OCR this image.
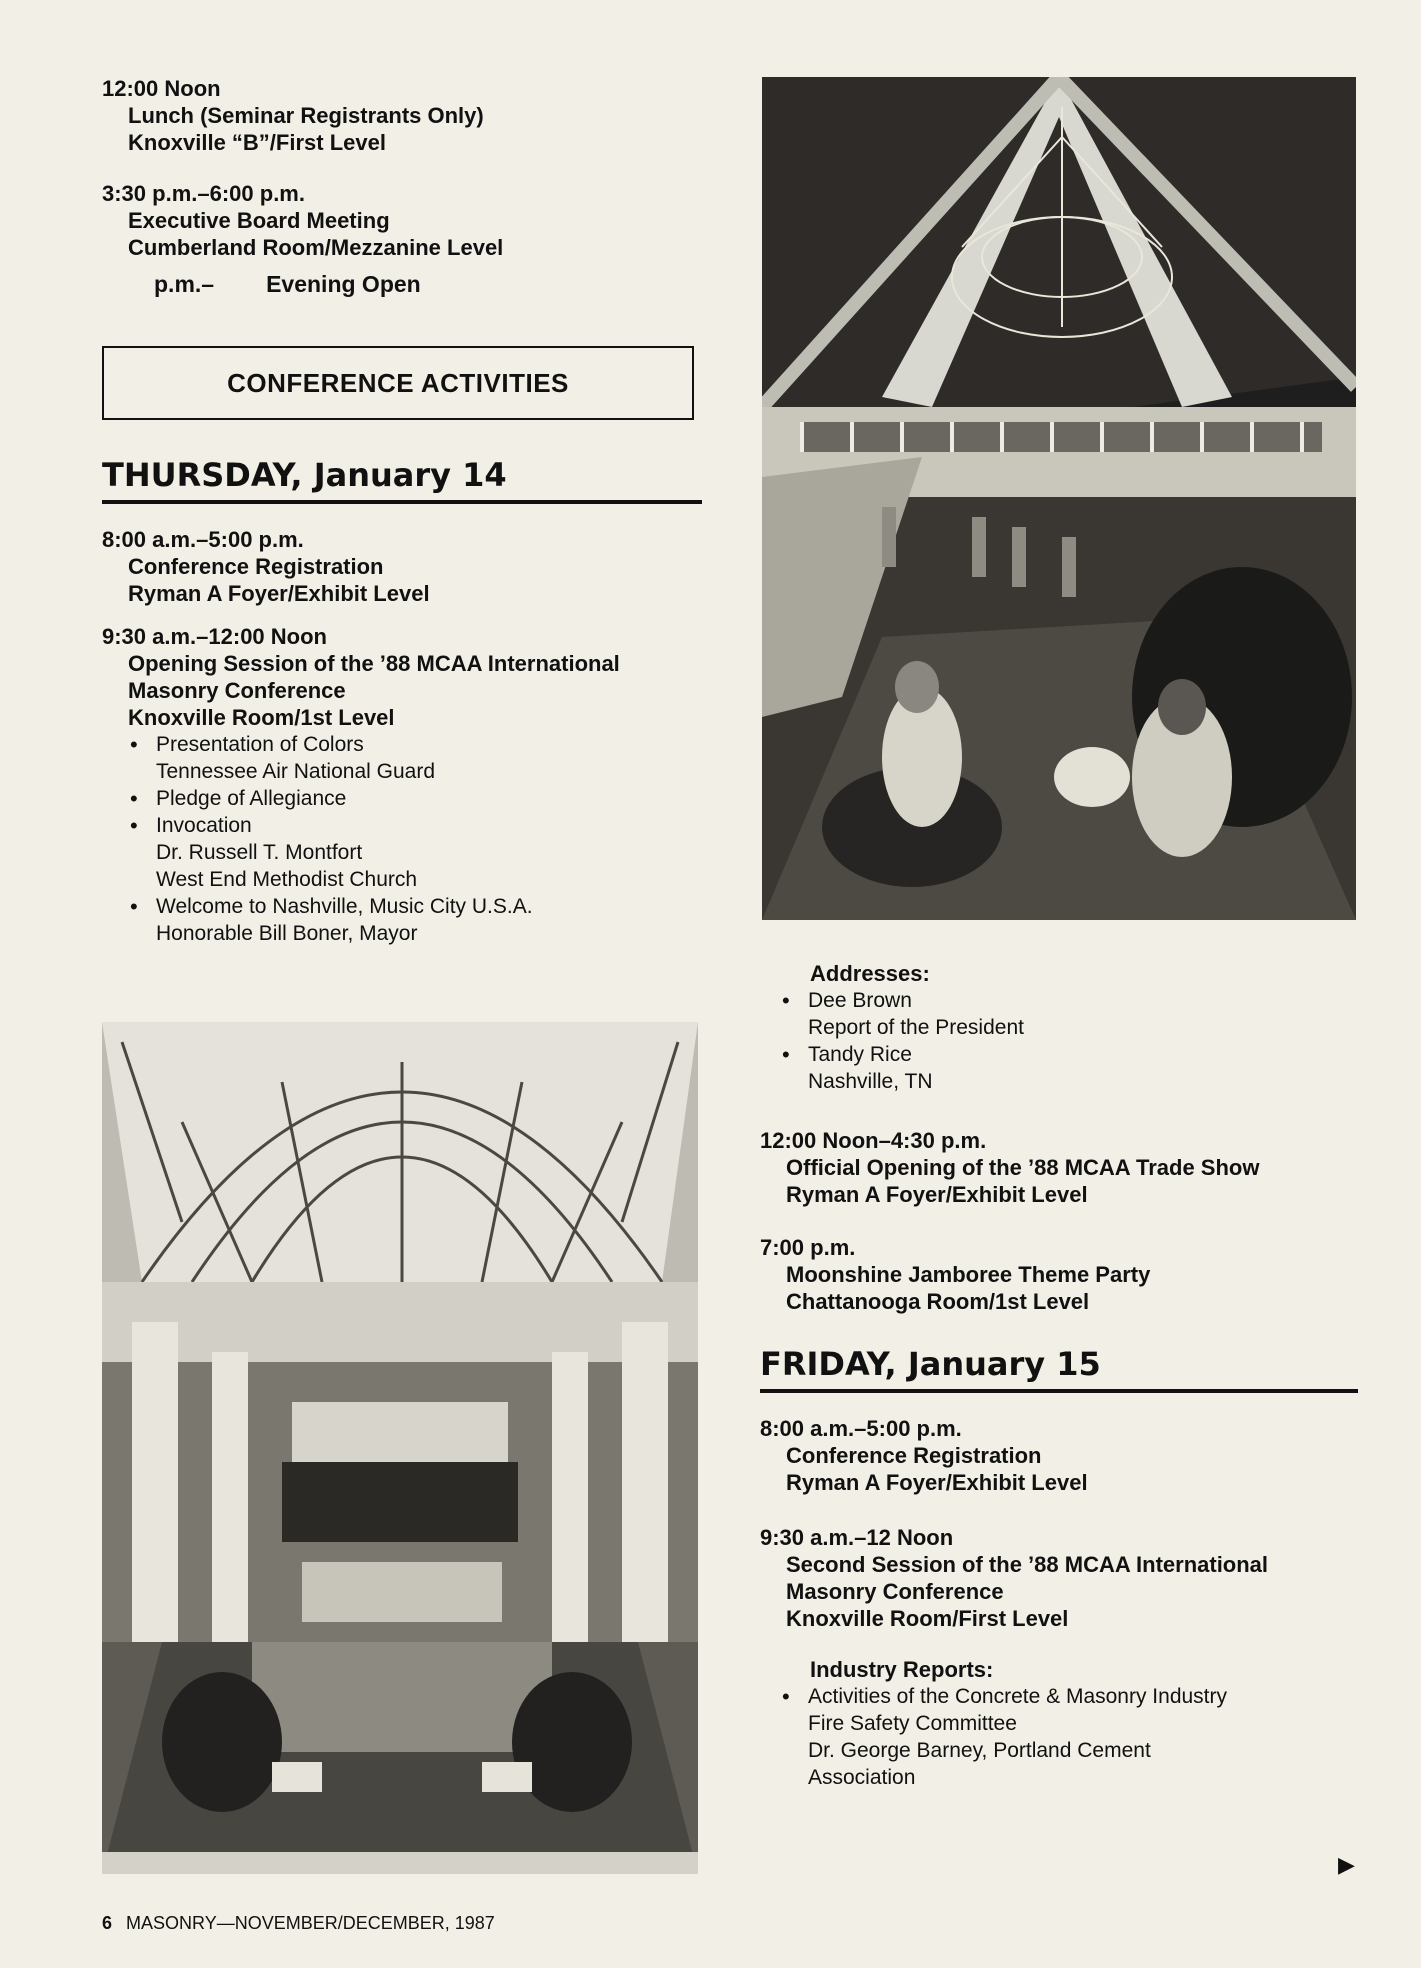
12:00 Noon
Lunch (Seminar Registrants Only)
Knoxville “B”/First Level
3:30 p.m.–6:00 p.m.
Executive Board Meeting
Cumberland Room/Mezzanine Level
p.m.– Evening Open
CONFERENCE ACTIVITIES
THURSDAY, January 14
8:00 a.m.–5:00 p.m.
Conference Registration
Ryman A Foyer/Exhibit Level
9:30 a.m.–12:00 Noon
Opening Session of the ’88 MCAA International
Masonry Conference
Knoxville Room/1st Level
• Presentation of Colors
Tennessee Air National Guard
• Pledge of Allegiance
• Invocation
Dr. Russell T. Montfort
West End Methodist Church
• Welcome to Nashville, Music City U.S.A.
Honorable Bill Boner, Mayor
Addresses:
• Dee Brown
Report of the President
• Tandy Rice
Nashville, TN
12:00 Noon–4:30 p.m.
Official Opening of the ’88 MCAA Trade Show
Ryman A Foyer/Exhibit Level
7:00 p.m.
Moonshine Jamboree Theme Party
Chattanooga Room/1st Level
FRIDAY, January 15
8:00 a.m.–5:00 p.m.
Conference Registration
Ryman A Foyer/Exhibit Level
9:30 a.m.–12 Noon
Second Session of the ’88 MCAA International
Masonry Conference
Knoxville Room/First Level
Industry Reports:
• Activities of the Concrete & Masonry Industry
Fire Safety Committee
Dr. George Barney, Portland Cement
Association
▶
6 MASONRY—NOVEMBER/DECEMBER, 1987
